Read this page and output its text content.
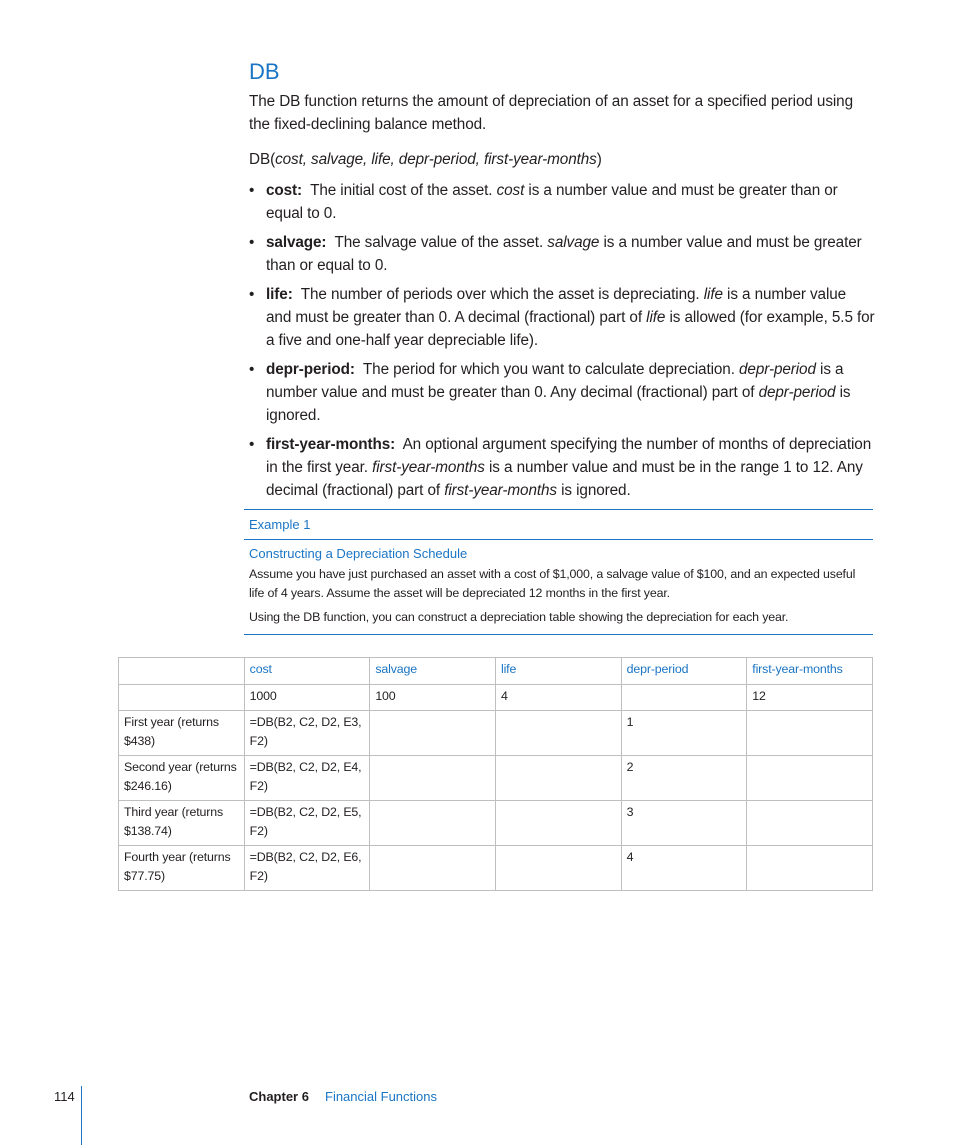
DB

The DB function returns the amount of depreciation of an asset for a specified period using the fixed-declining balance method.

DB(cost, salvage, life, depr-period, first-year-months)

• cost: The initial cost of the asset. cost is a number value and must be greater than or equal to 0.
• salvage: The salvage value of the asset. salvage is a number value and must be greater than or equal to 0.
• life: The number of periods over which the asset is depreciating. life is a number value and must be greater than 0. A decimal (fractional) part of life is allowed (for example, 5.5 for a five and one-half year depreciable life).
• depr-period: The period for which you want to calculate depreciation. depr-period is a number value and must be greater than 0. Any decimal (fractional) part of depr-period is ignored.
• first-year-months: An optional argument specifying the number of months of depreciation in the first year. first-year-months is a number value and must be in the range 1 to 12. Any decimal (fractional) part of first-year-months is ignored.
Example 1
Constructing a Depreciation Schedule
Assume you have just purchased an asset with a cost of $1,000, a salvage value of $100, and an expected useful life of 4 years. Assume the asset will be depreciated 12 months in the first year.
Using the DB function, you can construct a depreciation table showing the depreciation for each year.
	cost	salvage	life	depr-period	first-year-months
	1000	100	4		12
First year (returns $438)	=DB(B2, C2, D2, E3, F2)			1	
Second year (returns $246.16)	=DB(B2, C2, D2, E4, F2)			2	
Third year (returns $138.74)	=DB(B2, C2, D2, E5, F2)			3	
Fourth year (returns $77.75)	=DB(B2, C2, D2, E6, F2)			4	
114	Chapter 6 Financial Functions
